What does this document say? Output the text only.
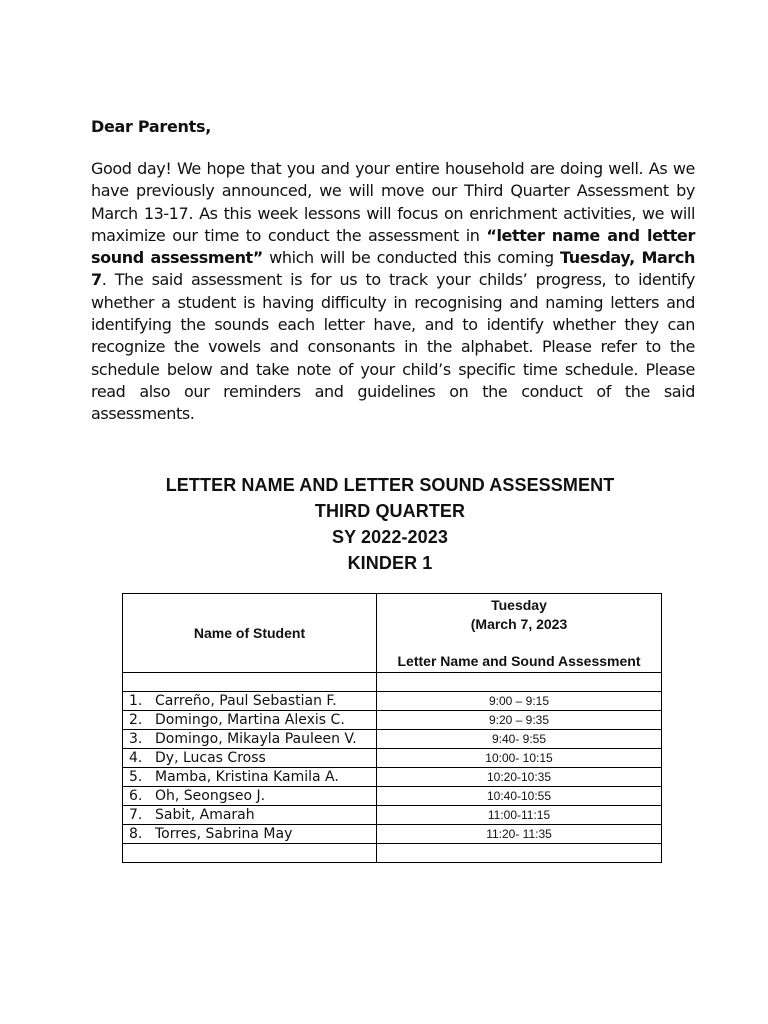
Dear Parents,

Good day! We hope that you and your entire household are doing well. As we have previously announced, we will move our Third Quarter Assessment by March 13-17. As this week lessons will focus on enrichment activities, we will maximize our time to conduct the assessment in “letter name and letter sound assessment” which will be conducted this coming Tuesday, March 7. The said assessment is for us to track your childs’ progress, to identify whether a student is having difficulty in recognising and naming letters and identifying the sounds each letter have, and to identify whether they can recognize the vowels and consonants in the alphabet. Please refer to the schedule below and take note of your child’s specific time schedule. Please read also our reminders and guidelines on the conduct of the said assessments.

LETTER NAME AND LETTER SOUND ASSESSMENT
THIRD QUARTER
SY 2022-2023
KINDER 1
Name of Student	Tuesday
(March 7, 2023

Letter Name and Sound Assessment

1. Carreño, Paul Sebastian F.	9:00 – 9:15
2. Domingo, Martina Alexis C.	9:20 – 9:35
3. Domingo, Mikayla Pauleen V.	9:40- 9:55
4. Dy, Lucas Cross	10:00- 10:15
5. Mamba, Kristina Kamila A.	10:20-10:35
6. Oh, Seongseo J.	10:40-10:55
7. Sabit, Amarah	11:00-11:15
8. Torres, Sabrina May	11:20- 11:35
